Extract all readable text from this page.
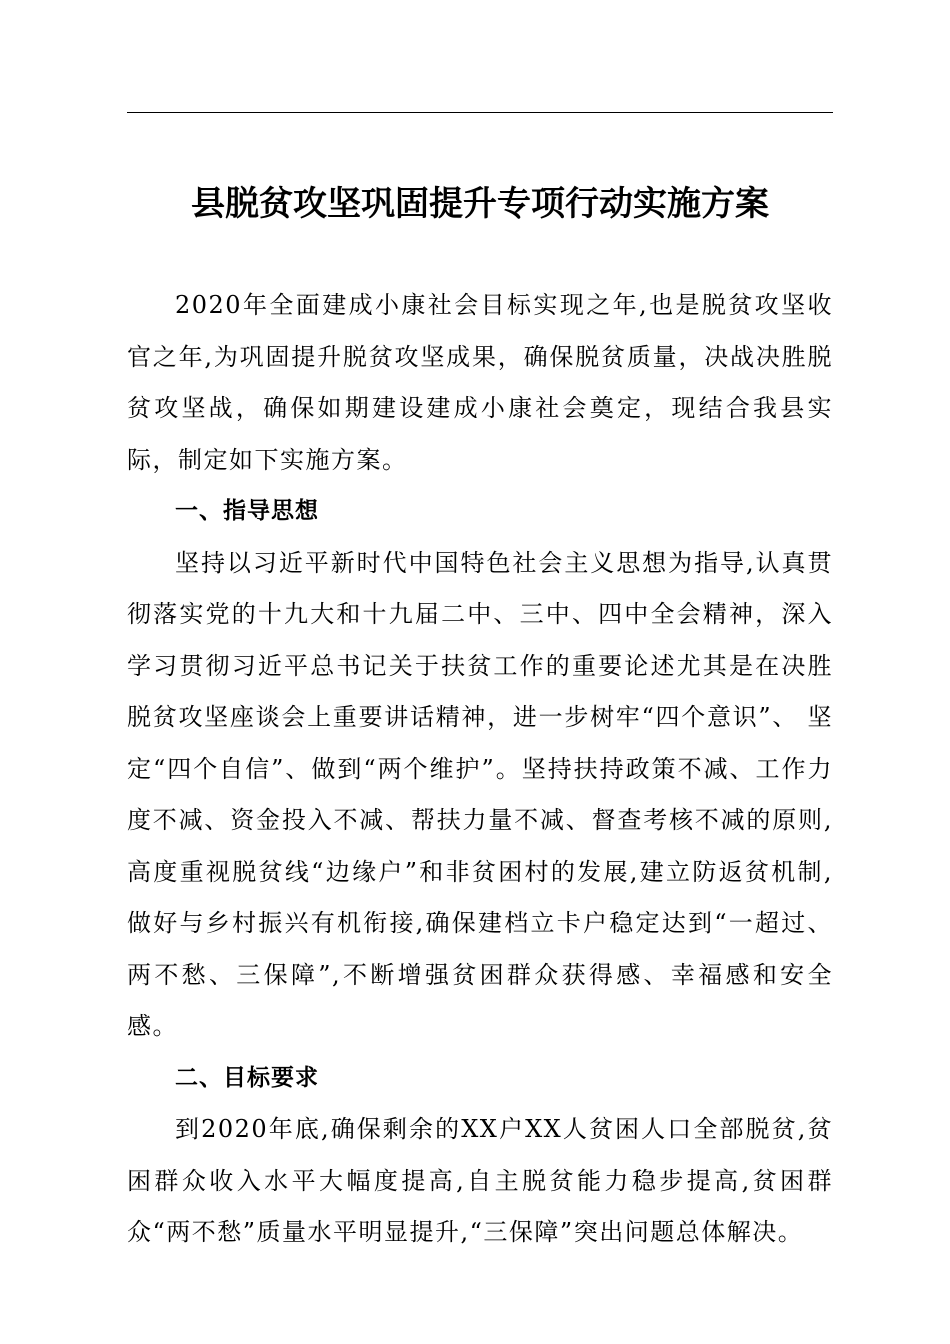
县脱贫攻坚巩固提升专项行动实施方案

2020年全面建成小康社会目标实现之年,也是脱贫攻坚收官之年,为巩固提升脱贫攻坚成果，确保脱贫质量，决战决胜脱贫攻坚战，确保如期建设建成小康社会奠定，现结合我县实际，制定如下实施方案。

一、指导思想

坚持以习近平新时代中国特色社会主义思想为指导,认真贯彻落实党的十九大和十九届二中、三中、四中全会精神，深入学习贯彻习近平总书记关于扶贫工作的重要论述尤其是在决胜脱贫攻坚座谈会上重要讲话精神，进一步树牢“四个意识”、 坚定“四个自信”、做到“两个维护”。坚持扶持政策不减、工作力度不减、资金投入不减、帮扶力量不减、督查考核不减的原则,高度重视脱贫线“边缘户”和非贫困村的发展,建立防返贫机制,做好与乡村振兴有机衔接,确保建档立卡户稳定达到“一超过、两不愁、三保障”,不断增强贫困群众获得感、幸福感和安全感。

二、目标要求

到2020年底,确保剩余的XX户XX人贫困人口全部脱贫,贫困群众收入水平大幅度提高,自主脱贫能力稳步提高,贫困群众“两不愁”质量水平明显提升,“三保障”突出问题总体解决。
